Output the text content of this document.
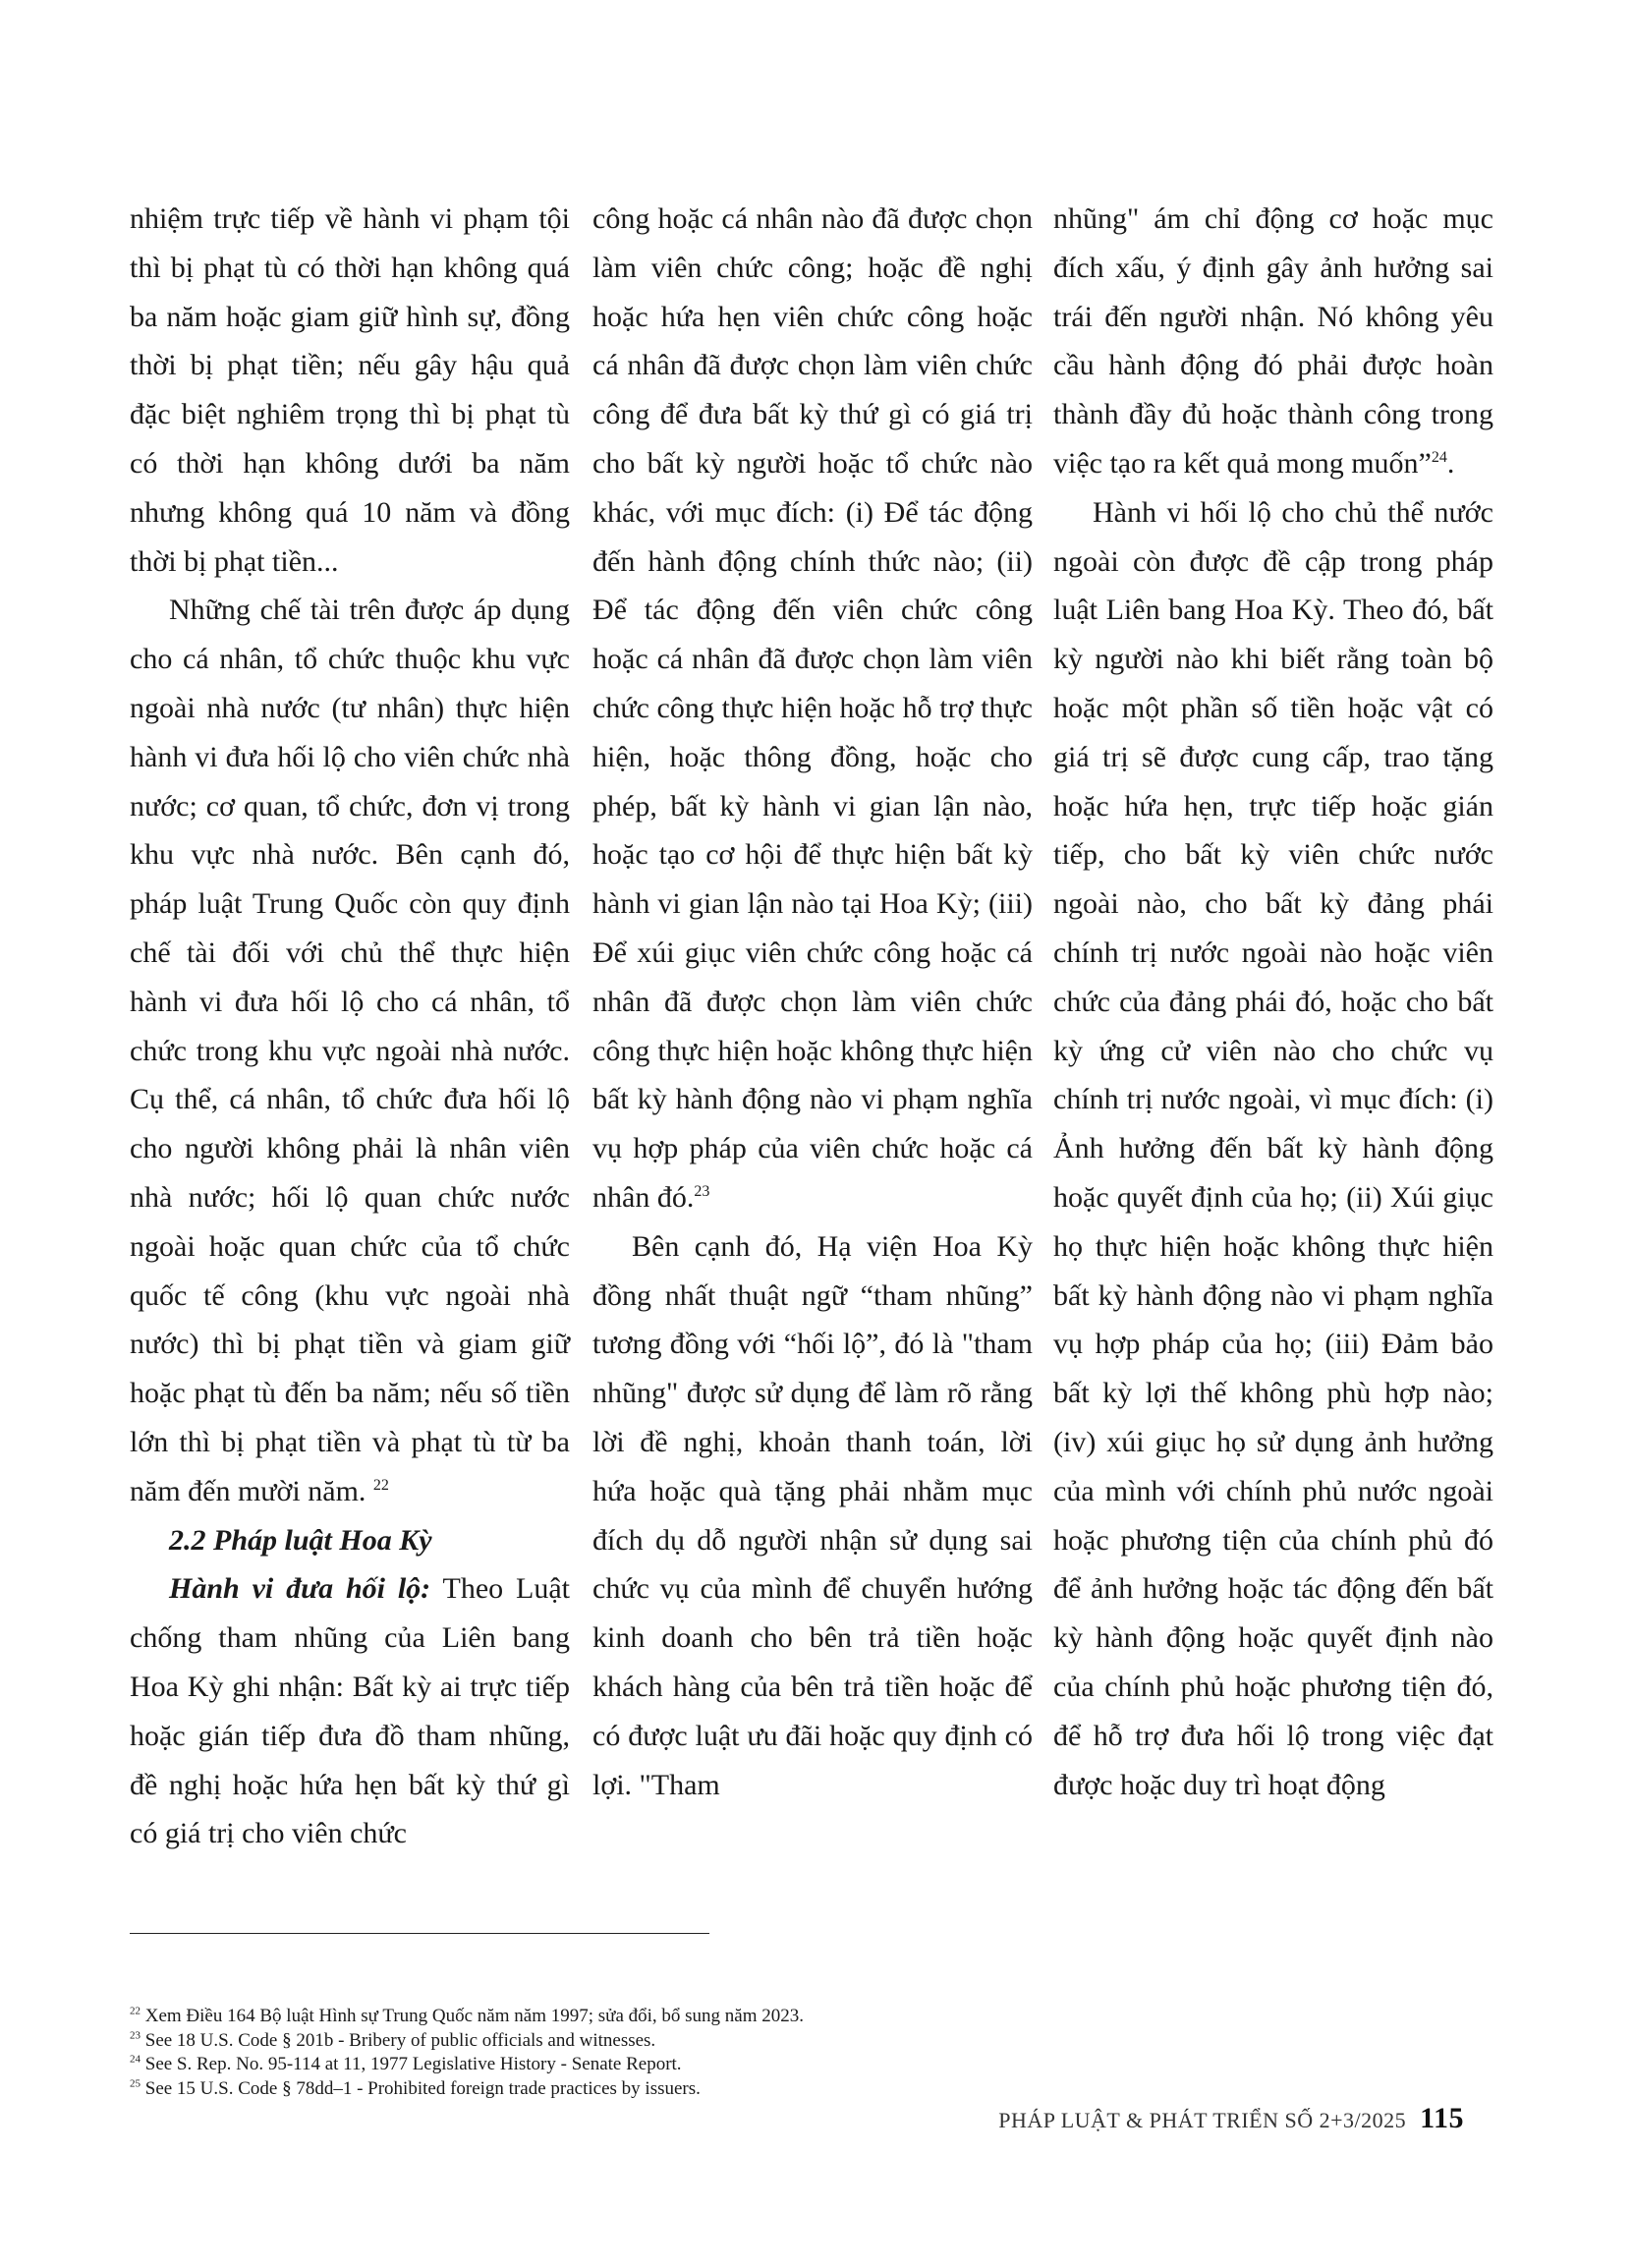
nhiệm trực tiếp về hành vi phạm tội thì bị phạt tù có thời hạn không quá ba năm hoặc giam giữ hình sự, đồng thời bị phạt tiền; nếu gây hậu quả đặc biệt nghiêm trọng thì bị phạt tù có thời hạn không dưới ba năm nhưng không quá 10 năm và đồng thời bị phạt tiền...

Những chế tài trên được áp dụng cho cá nhân, tổ chức thuộc khu vực ngoài nhà nước (tư nhân) thực hiện hành vi đưa hối lộ cho viên chức nhà nước; cơ quan, tổ chức, đơn vị trong khu vực nhà nước. Bên cạnh đó, pháp luật Trung Quốc còn quy định chế tài đối với chủ thể thực hiện hành vi đưa hối lộ cho cá nhân, tổ chức trong khu vực ngoài nhà nước. Cụ thể, cá nhân, tổ chức đưa hối lộ cho người không phải là nhân viên nhà nước; hối lộ quan chức nước ngoài hoặc quan chức của tổ chức quốc tế công (khu vực ngoài nhà nước) thì bị phạt tiền và giam giữ hoặc phạt tù đến ba năm; nếu số tiền lớn thì bị phạt tiền và phạt tù từ ba năm đến mười năm. $^{22}$

2.2 Pháp luật Hoa Kỳ

Hành vi đưa hối lộ: Theo Luật chống tham nhũng của Liên bang Hoa Kỳ ghi nhận: Bất kỳ ai trực tiếp hoặc gián tiếp đưa đồ tham nhũng, đề nghị hoặc hứa hẹn bất kỳ thứ gì có giá trị cho viên chức

công hoặc cá nhân nào đã được chọn làm viên chức công; hoặc đề nghị hoặc hứa hẹn viên chức công hoặc cá nhân đã được chọn làm viên chức công để đưa bất kỳ thứ gì có giá trị cho bất kỳ người hoặc tổ chức nào khác, với mục đích: (i) Để tác động đến hành động chính thức nào; (ii) Để tác động đến viên chức công hoặc cá nhân đã được chọn làm viên chức công thực hiện hoặc hỗ trợ thực hiện, hoặc thông đồng, hoặc cho phép, bất kỳ hành vi gian lận nào, hoặc tạo cơ hội để thực hiện bất kỳ hành vi gian lận nào tại Hoa Kỳ; (iii) Để xúi giục viên chức công hoặc cá nhân đã được chọn làm viên chức công thực hiện hoặc không thực hiện bất kỳ hành động nào vi phạm nghĩa vụ hợp pháp của viên chức hoặc cá nhân đó.$^{23}$

Bên cạnh đó, Hạ viện Hoa Kỳ đồng nhất thuật ngữ “tham nhũng” tương đồng với “hối lộ”, đó là "tham nhũng" được sử dụng để làm rõ rằng lời đề nghị, khoản thanh toán, lời hứa hoặc quà tặng phải nhằm mục đích dụ dỗ người nhận sử dụng sai chức vụ của mình để chuyển hướng kinh doanh cho bên trả tiền hoặc khách hàng của bên trả tiền hoặc để có được luật ưu đãi hoặc quy định có lợi. "Tham

nhũng" ám chỉ động cơ hoặc mục đích xấu, ý định gây ảnh hưởng sai trái đến người nhận. Nó không yêu cầu hành động đó phải được hoàn thành đầy đủ hoặc thành công trong việc tạo ra kết quả mong muốn”$^{24}$.

Hành vi hối lộ cho chủ thể nước ngoài còn được đề cập trong pháp luật Liên bang Hoa Kỳ. Theo đó, bất kỳ người nào khi biết rằng toàn bộ hoặc một phần số tiền hoặc vật có giá trị sẽ được cung cấp, trao tặng hoặc hứa hẹn, trực tiếp hoặc gián tiếp, cho bất kỳ viên chức nước ngoài nào, cho bất kỳ đảng phái chính trị nước ngoài nào hoặc viên chức của đảng phái đó, hoặc cho bất kỳ ứng cử viên nào cho chức vụ chính trị nước ngoài, vì mục đích: (i) Ảnh hưởng đến bất kỳ hành động hoặc quyết định của họ; (ii) Xúi giục họ thực hiện hoặc không thực hiện bất kỳ hành động nào vi phạm nghĩa vụ hợp pháp của họ; (iii) Đảm bảo bất kỳ lợi thế không phù hợp nào; (iv) xúi giục họ sử dụng ảnh hưởng của mình với chính phủ nước ngoài hoặc phương tiện của chính phủ đó để ảnh hưởng hoặc tác động đến bất kỳ hành động hoặc quyết định nào của chính phủ hoặc phương tiện đó, để hỗ trợ đưa hối lộ trong việc đạt được hoặc duy trì hoạt động

$^{22}$ Xem Điều 164 Bộ luật Hình sự Trung Quốc năm năm 1997; sửa đổi, bổ sung năm 2023.
$^{23}$ See 18 U.S. Code § 201b - Bribery of public officials and witnesses.
$^{24}$ See S. Rep. No. 95-114 at 11, 1977 Legislative History - Senate Report.
$^{25}$ See 15 U.S. Code § 78dd–1 - Prohibited foreign trade practices by issuers.
PHÁP LUẬT & PHÁT TRIỂN SỐ 2+3/2025 115
